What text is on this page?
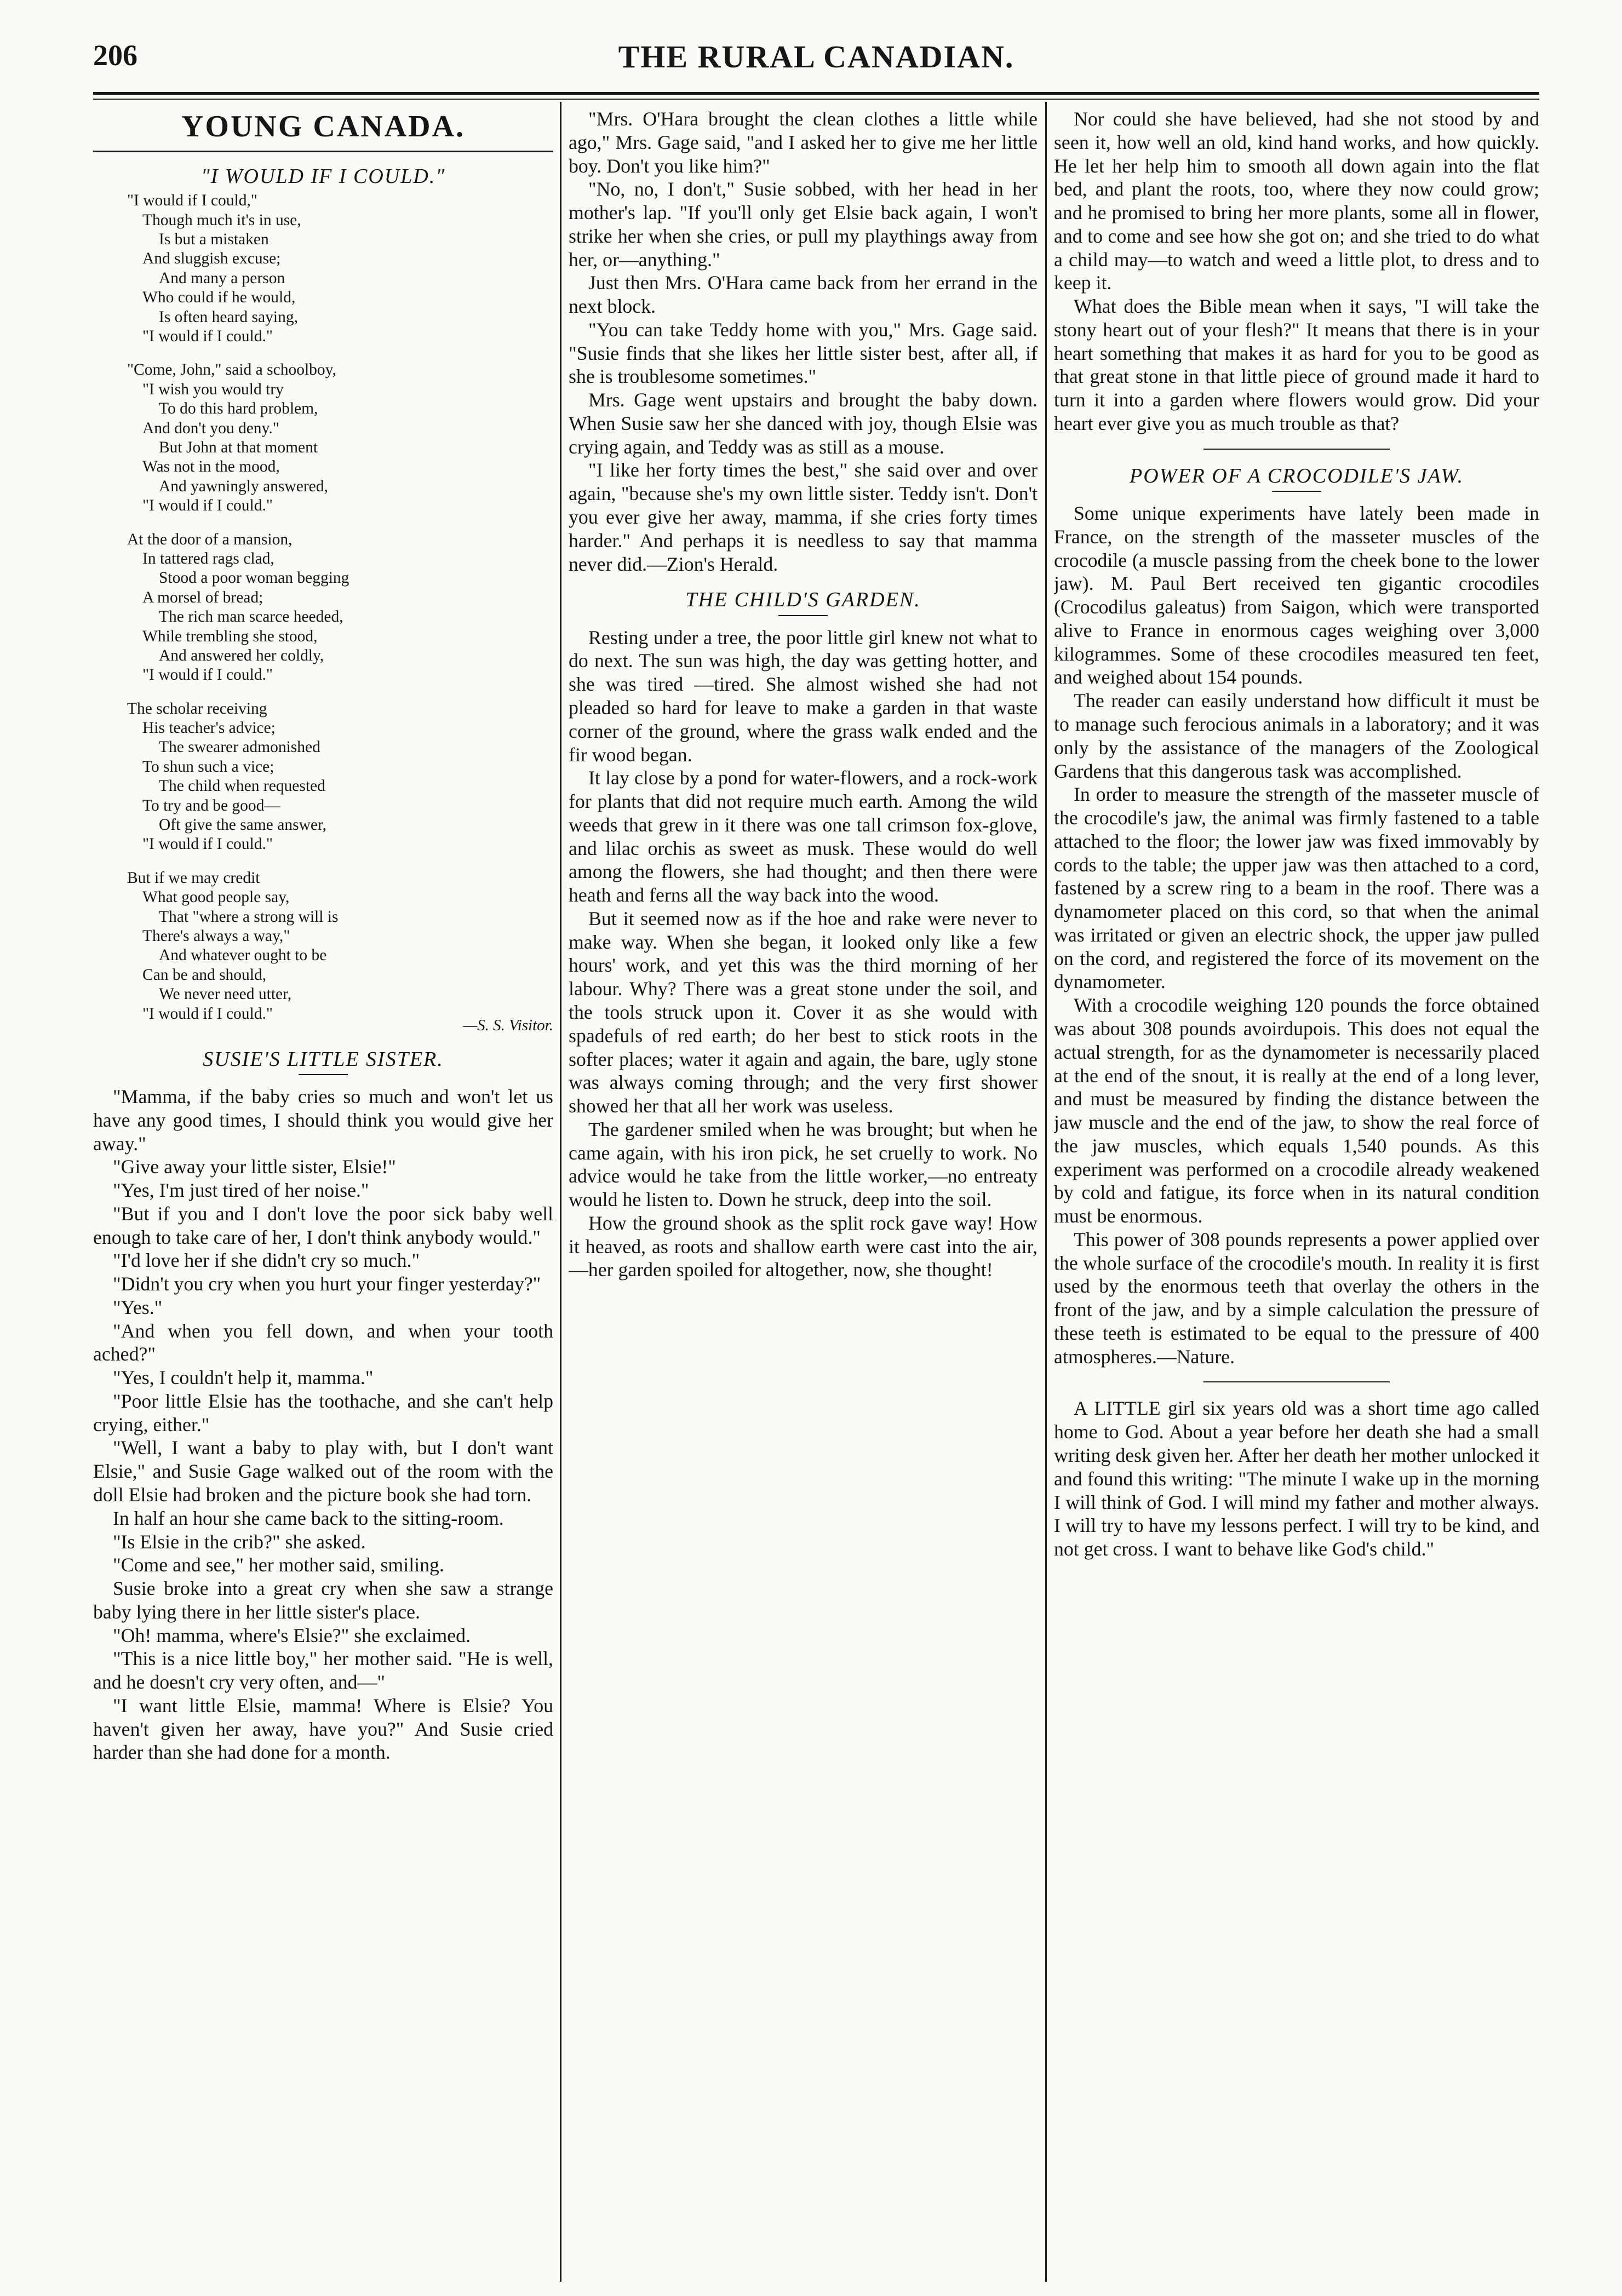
206	THE RURAL CANADIAN.
YOUNG CANADA.
"I WOULD IF I COULD."
"I would if I could,"
Though much it's in use,
Is but a mistaken
And sluggish excuse;
And many a person
Who could if he would,
Is often heard saying,
"I would if I could."
"Come, John," said a schoolboy,
"I wish you would try
To do this hard problem,
And don't you deny."
But John at that moment
Was not in the mood,
And yawningly answered,
"I would if I could."
At the door of a mansion,
In tattered rags clad,
Stood a poor woman begging
A morsel of bread;
The rich man scarce heeded,
While trembling she stood,
And answered her coldly,
"I would if I could."
The scholar receiving
His teacher's advice;
The swearer admonished
To shun such a vice;
The child when requested
To try and be good—
Oft give the same answer,
"I would if I could."
But if we may credit
What good people say,
That "where a strong will is
There's always a way,"
And whatever ought to be
Can be and should,
We never need utter,
"I would if I could."
—S. S. Visitor.
SUSIE'S LITTLE SISTER.

"Mamma, if the baby cries so much and won't let us have any good times, I should think you would give her away."

"Give away your little sister, Elsie!"

"Yes, I'm just tired of her noise."

"But if you and I don't love the poor sick baby well enough to take care of her, I don't think anybody would."

"I'd love her if she didn't cry so much."

"Didn't you cry when you hurt your finger yesterday?"

"Yes."

"And when you fell down, and when your tooth ached?"

"Yes, I couldn't help it, mamma."

"Poor little Elsie has the toothache, and she can't help crying, either."

"Well, I want a baby to play with, but I don't want Elsie," and Susie Gage walked out of the room with the doll Elsie had broken and the picture book she had torn.

In half an hour she came back to the sitting-room.

"Is Elsie in the crib?" she asked.

"Come and see," her mother said, smiling.

Susie broke into a great cry when she saw a strange baby lying there in her little sister's place.

"Oh! mamma, where's Elsie?" she exclaimed.

"This is a nice little boy," her mother said. "He is well, and he doesn't cry very often, and—"

"I want little Elsie, mamma! Where is Elsie? You haven't given her away, have you?" And Susie cried harder than she had done for a month.

"Mrs. O'Hara brought the clean clothes a little while ago," Mrs. Gage said, "and I asked her to give me her little boy. Don't you like him?"

"No, no, I don't," Susie sobbed, with her head in her mother's lap. "If you'll only get Elsie back again, I won't strike her when she cries, or pull my playthings away from her, or—anything."

Just then Mrs. O'Hara came back from her errand in the next block.

"You can take Teddy home with you," Mrs. Gage said. "Susie finds that she likes her little sister best, after all, if she is troublesome sometimes."

Mrs. Gage went upstairs and brought the baby down. When Susie saw her she danced with joy, though Elsie was crying again, and Teddy was as still as a mouse.

"I like her forty times the best," she said over and over again, "because she's my own little sister. Teddy isn't. Don't you ever give her away, mamma, if she cries forty times harder." And perhaps it is needless to say that mamma never did.—Zion's Herald.

THE CHILD'S GARDEN.

Resting under a tree, the poor little girl knew not what to do next. The sun was high, the day was getting hotter, and she was tired —tired. She almost wished she had not pleaded so hard for leave to make a garden in that waste corner of the ground, where the grass walk ended and the fir wood began.

It lay close by a pond for water-flowers, and a rock-work for plants that did not require much earth. Among the wild weeds that grew in it there was one tall crimson fox-glove, and lilac orchis as sweet as musk. These would do well among the flowers, she had thought; and then there were heath and ferns all the way back into the wood.

But it seemed now as if the hoe and rake were never to make way. When she began, it looked only like a few hours' work, and yet this was the third morning of her labour. Why? There was a great stone under the soil, and the tools struck upon it. Cover it as she would with spadefuls of red earth; do her best to stick roots in the softer places; water it again and again, the bare, ugly stone was always coming through; and the very first shower showed her that all her work was useless.

The gardener smiled when he was brought; but when he came again, with his iron pick, he set cruelly to work. No advice would he take from the little worker,—no entreaty would he listen to. Down he struck, deep into the soil.

How the ground shook as the split rock gave way! How it heaved, as roots and shallow earth were cast into the air,—her garden spoiled for altogether, now, she thought!

Nor could she have believed, had she not stood by and seen it, how well an old, kind hand works, and how quickly. He let her help him to smooth all down again into the flat bed, and plant the roots, too, where they now could grow; and he promised to bring her more plants, some all in flower, and to come and see how she got on; and she tried to do what a child may—to watch and weed a little plot, to dress and to keep it.

What does the Bible mean when it says, "I will take the stony heart out of your flesh?" It means that there is in your heart something that makes it as hard for you to be good as that great stone in that little piece of ground made it hard to turn it into a garden where flowers would grow. Did your heart ever give you as much trouble as that?

POWER OF A CROCODILE'S JAW.

Some unique experiments have lately been made in France, on the strength of the masseter muscles of the crocodile (a muscle passing from the cheek bone to the lower jaw). M. Paul Bert received ten gigantic crocodiles (Crocodilus galeatus) from Saigon, which were transported alive to France in enormous cages weighing over 3,000 kilogrammes. Some of these crocodiles measured ten feet, and weighed about 154 pounds.

The reader can easily understand how difficult it must be to manage such ferocious animals in a laboratory; and it was only by the assistance of the managers of the Zoological Gardens that this dangerous task was accomplished.

In order to measure the strength of the masseter muscle of the crocodile's jaw, the animal was firmly fastened to a table attached to the floor; the lower jaw was fixed immovably by cords to the table; the upper jaw was then attached to a cord, fastened by a screw ring to a beam in the roof. There was a dynamometer placed on this cord, so that when the animal was irritated or given an electric shock, the upper jaw pulled on the cord, and registered the force of its movement on the dynamometer.

With a crocodile weighing 120 pounds the force obtained was about 308 pounds avoirdupois. This does not equal the actual strength, for as the dynamometer is necessarily placed at the end of the snout, it is really at the end of a long lever, and must be measured by finding the distance between the jaw muscle and the end of the jaw, to show the real force of the jaw muscles, which equals 1,540 pounds. As this experiment was performed on a crocodile already weakened by cold and fatigue, its force when in its natural condition must be enormous.

This power of 308 pounds represents a power applied over the whole surface of the crocodile's mouth. In reality it is first used by the enormous teeth that overlay the others in the front of the jaw, and by a simple calculation the pressure of these teeth is estimated to be equal to the pressure of 400 atmospheres.—Nature.

A LITTLE girl six years old was a short time ago called home to God. About a year before her death she had a small writing desk given her. After her death her mother unlocked it and found this writing: "The minute I wake up in the morning I will think of God. I will mind my father and mother always. I will try to have my lessons perfect. I will try to be kind, and not get cross. I want to behave like God's child."
